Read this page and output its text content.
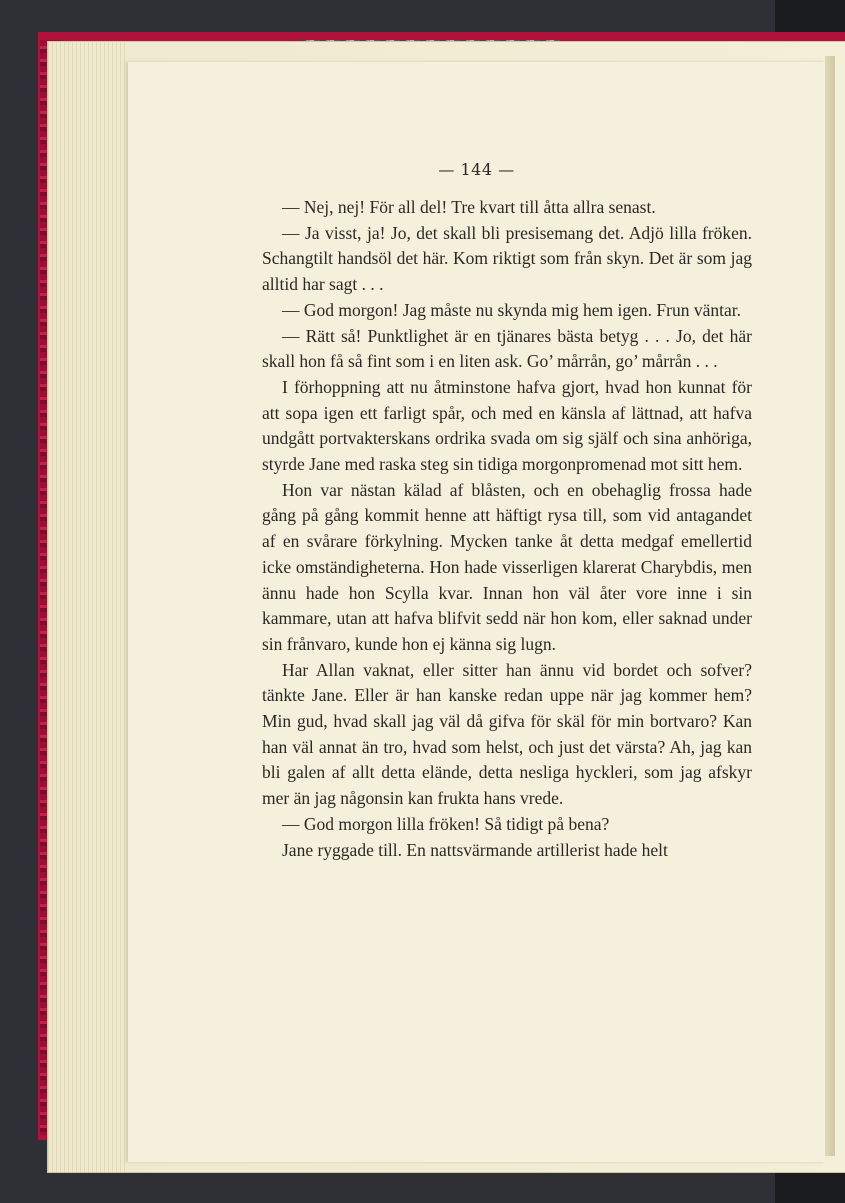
— 144 —

— Nej, nej! För all del! Tre kvart till åtta allra senast.

— Ja visst, ja! Jo, det skall bli presisemang det. Adjö lilla fröken. Schangtilt handsöl det här. Kom riktigt som från skyn. Det är som jag alltid har sagt . . .

— God morgon! Jag måste nu skynda mig hem igen. Frun väntar.

— Rätt så! Punktlighet är en tjänares bästa betyg . . . Jo, det här skall hon få så fint som i en liten ask. Go’ mårrån, go’ mårrån . . .

I förhoppning att nu åtminstone hafva gjort, hvad hon kunnat för att sopa igen ett farligt spår, och med en känsla af lättnad, att hafva undgått portvakterskans ordrika svada om sig själf och sina anhöriga, styrde Jane med raska steg sin tidiga morgonpromenad mot sitt hem.

Hon var nästan kälad af blåsten, och en obehaglig frossa hade gång på gång kommit henne att häftigt rysa till, som vid antagandet af en svårare förkylning. Mycken tanke åt detta medgaf emellertid icke omständigheterna. Hon hade visserligen klarerat Charybdis, men ännu hade hon Scylla kvar. Innan hon väl åter vore inne i sin kammare, utan att hafva blifvit sedd när hon kom, eller saknad under sin frånvaro, kunde hon ej känna sig lugn.

Har Allan vaknat, eller sitter han ännu vid bordet och sofver? tänkte Jane. Eller är han kanske redan uppe när jag kommer hem? Min gud, hvad skall jag väl då gifva för skäl för min bortvaro? Kan han väl annat än tro, hvad som helst, och just det värsta? Ah, jag kan bli galen af allt detta elände, detta nesliga hyckleri, som jag afskyr mer än jag någonsin kan frukta hans vrede.

— God morgon lilla fröken! Så tidigt på bena?

Jane ryggade till. En nattsvärmande artillerist hade helt
